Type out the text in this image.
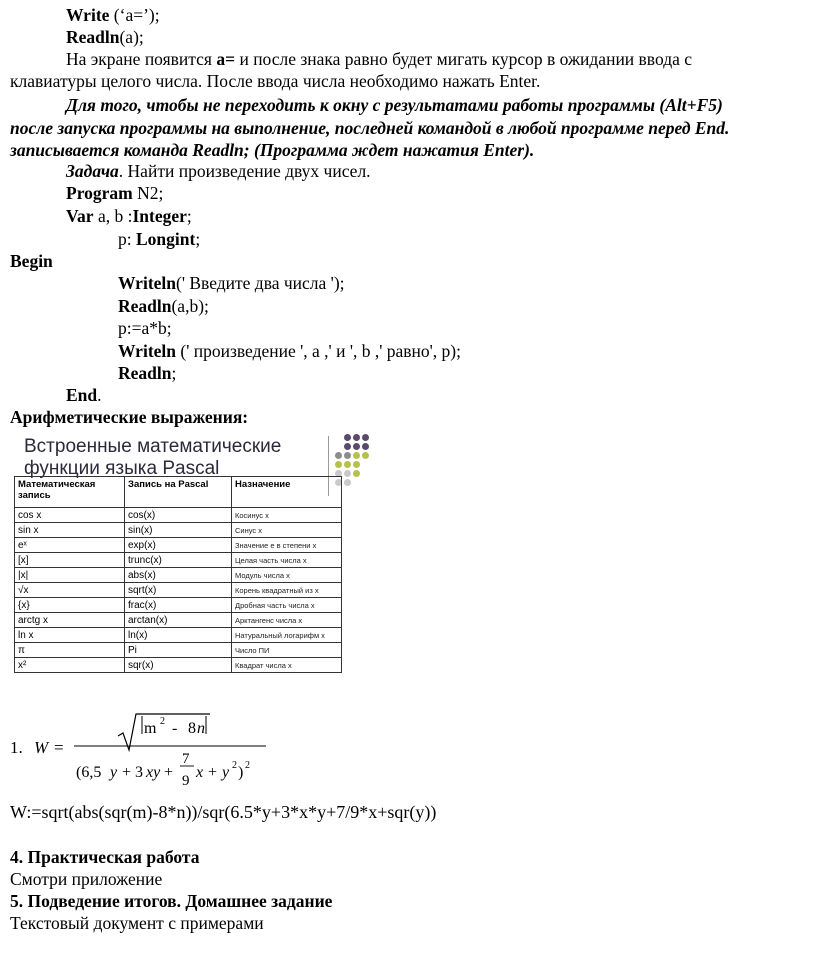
Write (‘a=’);
Readln(a);
На экране появится a= и после знака равно будет мигать курсор в ожидании ввода с
клавиатуры целого числа. После ввода числа необходимо нажать Enter.
Для того, чтобы не переходить к окну с результатами работы программы (Alt+F5)
после запуска программы на выполнение, последней командой в любой программе перед End.
записывается команда Readln; (Программа ждет нажатия Enter).
Задача. Найти произведение двух чисел.
Program N2;
Var a, b :Integer;
p: Longint;
Begin
Writeln(' Введите два числа ');
Readln(a,b);
p:=a*b;
Writeln (' произведение ', a ,' и ', b ,' равно', p);
Readln;
End.
Арифметические выражения:
Встроенные математические функции языка Pascal
Математическая запись	Запись на Pascal	Назначение
cos x	cos(x)	Косинус x
sin x	sin(x)	Синус x
eˣ	exp(x)	Значение e в степени x
[x]	trunc(x)	Целая часть числа x
|x|	abs(x)	Модуль числа x
√x	sqrt(x)	Корень квадратный из x
{x}	frac(x)	Дробная часть числа x
arctg x	arctan(x)	Арктангенс числа x
ln x	ln(x)	Натуральный логарифм x
π	Pi	Число ПИ
x²	sqr(x)	Квадрат числа x
1. W =
m 2 - 8 n
(6,5 y + 3 xy +
7
9 x + y 2 ) 2
W:=sqrt(abs(sqr(m)-8*n))/sqr(6.5*y+3*x*y+7/9*x+sqr(y))
4. Практическая работа
Смотри приложение
5. Подведение итогов. Домашнее задание
Текстовый документ с примерами
